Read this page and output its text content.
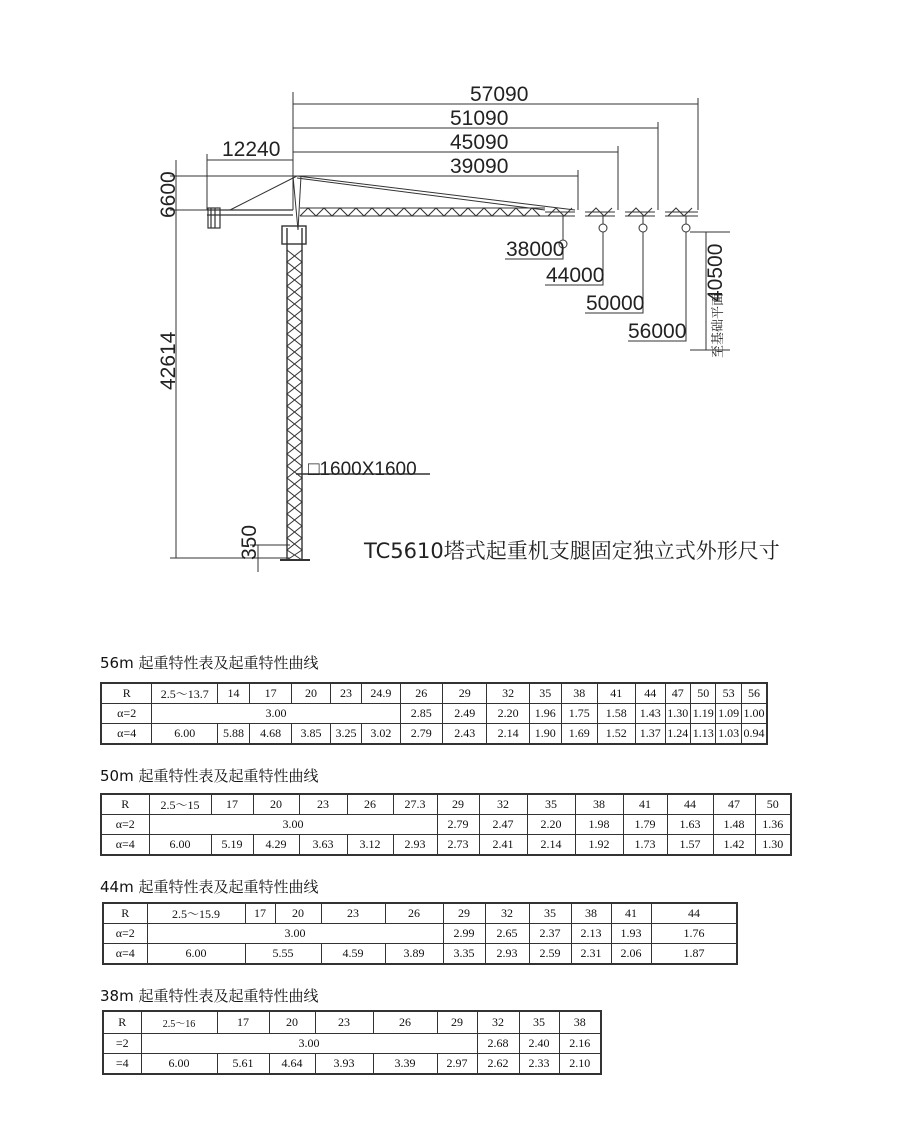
57090
51090
45090
39090
12240
6600
42614
350
38000
44000
50000
56000
40500
至基础平面
□1600X1600
TC5610塔式起重机支腿固定独立式外形尺寸
56m 起重特性表及起重特性曲线
R	2.5～13.7	14	17	20	23	24.9	26	29	32	35	38	41	44	47	50	53	56
α=2	3.00						2.85	2.49	2.20	1.96	1.75	1.58	1.43	1.30	1.19	1.09	1.00
α=4	6.00	5.88	4.68	3.85	3.25	3.02	2.79	2.43	2.14	1.90	1.69	1.52	1.37	1.24	1.13	1.03	0.94
50m 起重特性表及起重特性曲线
R	2.5～15	17	20	23	26	27.3	29	32	35	38	41	44	47	50
α=2	3.00						2.79	2.47	2.20	1.98	1.79	1.63	1.48	1.36
α=4	6.00	5.19	4.29	3.63	3.12	2.93	2.73	2.41	2.14	1.92	1.73	1.57	1.42	1.30
44m 起重特性表及起重特性曲线
R	2.5～15.9	17	20	23	26	29	32	35	38	41	44	
α=2	3.00					2.99	2.65	2.37	2.13	1.93	1.76	
α=4	6.00	5.55		4.59	3.89	3.35	2.93	2.59	2.31	2.06	1.87	
38m 起重特性表及起重特性曲线
R	2.5～16	17	20	23	26	29	32	35	38
=2	3.00						2.68	2.40	2.16
=4	6.00	5.61	4.64	3.93	3.39	2.97	2.62	2.33	2.10
